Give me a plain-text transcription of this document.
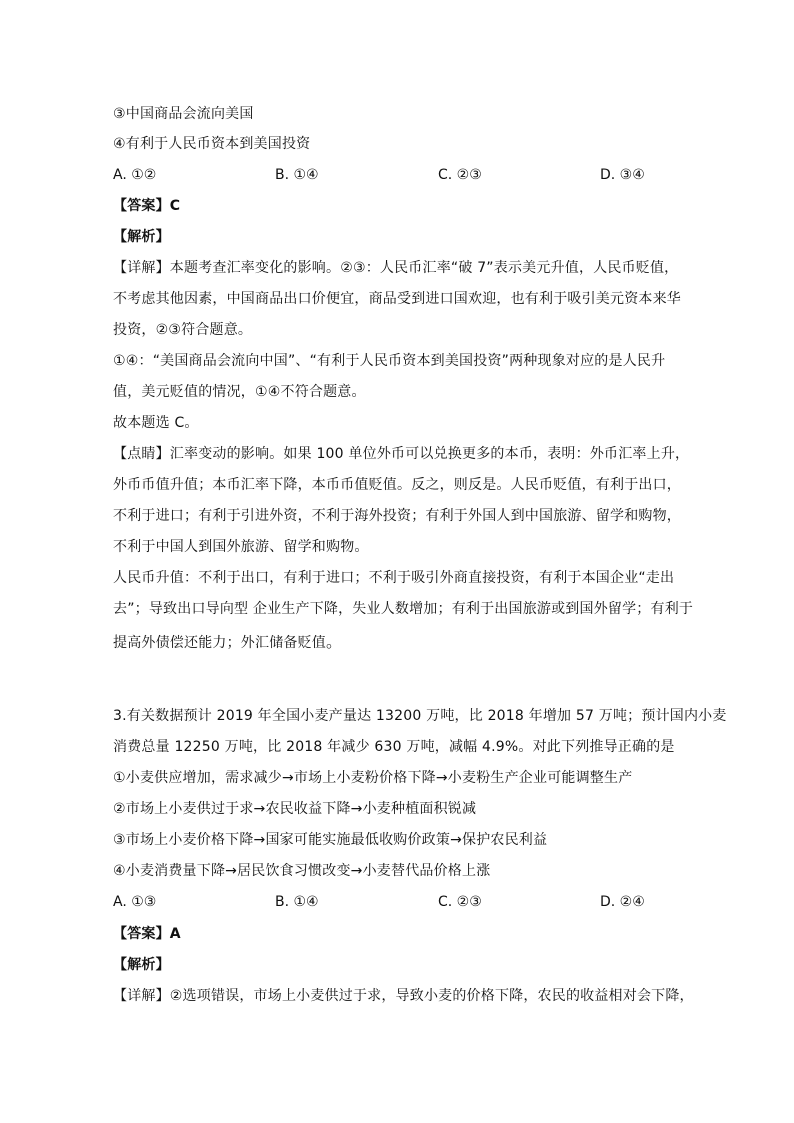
③中国商品会流向美国
④有利于人民币资本到美国投资
A. ①②	B. ①④	C. ②③	D. ③④
【答案】C
【解析】
【详解】本题考查汇率变化的影响。②③：人民币汇率“破 7”表示美元升值，人民币贬值，
不考虑其他因素，中国商品出口价便宜，商品受到进口国欢迎，也有利于吸引美元资本来华
投资，②③符合题意。
①④：“美国商品会流向中国”、“有利于人民币资本到美国投资”两种现象对应的是人民升
值，美元贬值的情况，①④不符合题意。
故本题选 C。
【点睛】汇率变动的影响。如果 100 单位外币可以兑换更多的本币，表明：外币汇率上升，
外币币值升值；本币汇率下降，本币币值贬值。反之，则反是。人民币贬值，有利于出口，
不利于进口；有利于引进外资，不利于海外投资；有利于外国人到中国旅游、留学和购物，
不利于中国人到国外旅游、留学和购物。
人民币升值：不利于出口，有利于进口；不利于吸引外商直接投资，有利于本国企业“走出
去”；导致出口导向型 企业生产下降，失业人数增加；有利于出国旅游或到国外留学；有利于
提高外债偿还能力；外汇储备贬值。
3.有关数据预计 2019 年全国小麦产量达 13200 万吨，比 2018 年增加 57 万吨；预计国内小麦
消费总量 12250 万吨，比 2018 年减少 630 万吨，减幅 4.9%。对此下列推导正确的是
①小麦供应增加，需求减少→市场上小麦粉价格下降→小麦粉生产企业可能调整生产
②市场上小麦供过于求→农民收益下降→小麦种植面积锐减
③市场上小麦价格下降→国家可能实施最低收购价政策→保护农民利益
④小麦消费量下降→居民饮食习惯改变→小麦替代品价格上涨
A. ①③	B. ①④	C. ②③	D. ②④
【答案】A
【解析】
【详解】②选项错误，市场上小麦供过于求，导致小麦的价格下降，农民的收益相对会下降，
